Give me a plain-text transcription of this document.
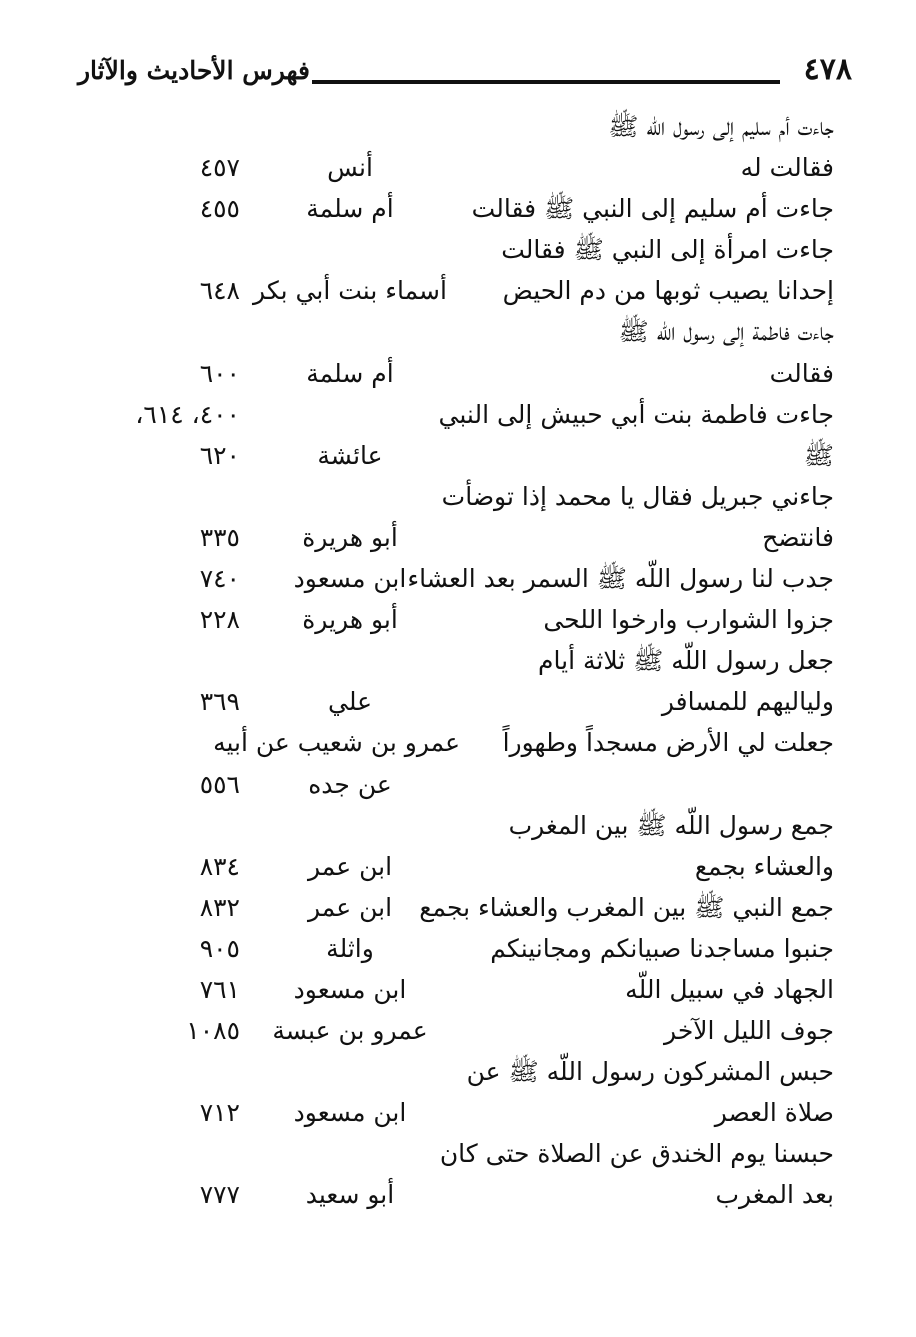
٤٧٨
فهرس الأحاديث والآثار
جاءت أم سليم إلى رسول اللّه ﷺ
فقالت له
أنس
٤٥٧
جاءت أم سليم إلى النبي ﷺ فقالت
أم سلمة
٤٥٥
جاءت امرأة إلى النبي ﷺ فقالت
إحدانا يصيب ثوبها من دم الحيض
أسماء بنت أبي بكر
٦٤٨
جاءت فاطمة إلى رسول اللّه ﷺ
فقالت
أم سلمة
٦٠٠
جاءت فاطمة بنت أبي حبيش إلى النبي
٤٠٠، ٦١٤،
ﷺ
عائشة
٦٢٠
جاءني جبريل فقال يا محمد إذا توضأت
فانتضح
أبو هريرة
٣٣٥
جدب لنا رسول اللّه ﷺ السمر بعد العشاء
ابن مسعود
٧٤٠
جزوا الشوارب وارخوا اللحى
أبو هريرة
٢٢٨
جعل رسول اللّه ﷺ ثلاثة أيام
ولياليهم للمسافر
علي
٣٦٩
جعلت لي الأرض مسجداً وطهوراً
عمرو بن شعيب عن أبيه
عن جده
٥٥٦
جمع رسول اللّه ﷺ بين المغرب
والعشاء بجمع
ابن عمر
٨٣٤
جمع النبي ﷺ بين المغرب والعشاء بجمع
ابن عمر
٨٣٢
جنبوا مساجدنا صبيانكم ومجانينكم
واثلة
٩٠٥
الجهاد في سبيل اللّه
ابن مسعود
٧٦١
جوف الليل الآخر
عمرو بن عبسة
١٠٨٥
حبس المشركون رسول اللّه ﷺ عن
صلاة العصر
ابن مسعود
٧١٢
حبسنا يوم الخندق عن الصلاة حتى كان
بعد المغرب
أبو سعيد
٧٧٧
